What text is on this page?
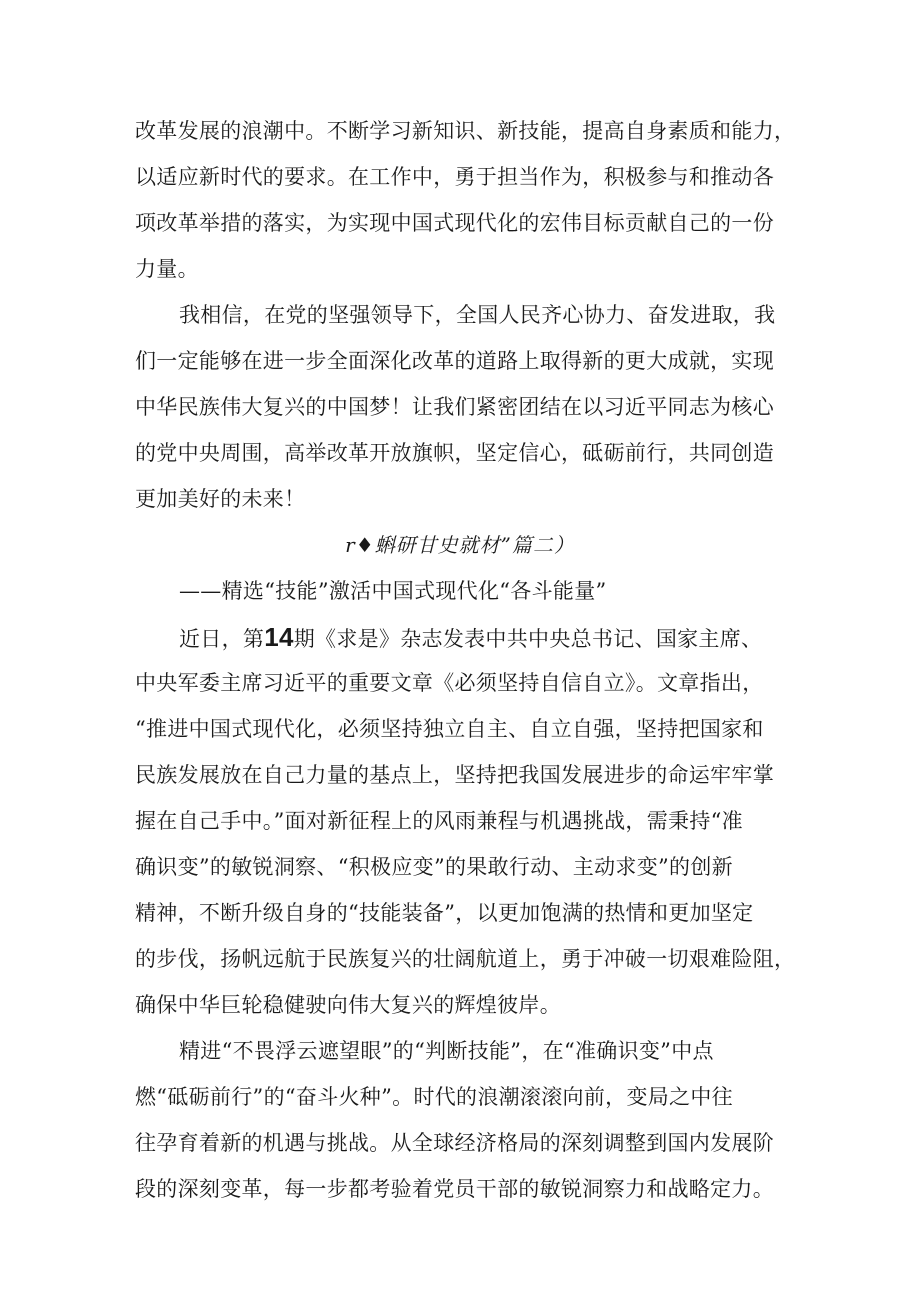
改革发展的浪潮中。不断学习新知识、新技能，提高自身素质和能力，
以适应新时代的要求。在工作中，勇于担当作为，积极参与和推动各
项改革举措的落实，为实现中国式现代化的宏伟目标贡献自己的一份
力量。
我相信，在党的坚强领导下，全国人民齐心协力、奋发进取，我
们一定能够在进一步全面深化改革的道路上取得新的更大成就，实现
中华民族伟大复兴的中国梦！让我们紧密团结在以习近平同志为核心
的党中央周围，高举改革开放旗帜，坚定信心，砥砺前行，共同创造
更加美好的未来！
r♦蝌研甘史就材”篇二）
——精选“技能”激活中国式现代化“各斗能量”
近日，第14期《求是》杂志发表中共中央总书记、国家主席、
中央军委主席习近平的重要文章《必须坚持自信自立》。文章指出，
“推进中国式现代化，必须坚持独立自主、自立自强，坚持把国家和
民族发展放在自己力量的基点上，坚持把我国发展进步的命运牢牢掌
握在自己手中。”面对新征程上的风雨兼程与机遇挑战，需秉持“准
确识变”的敏锐洞察、“积极应变”的果敢行动、主动求变”的创新
精神，不断升级自身的“技能装备”，以更加饱满的热情和更加坚定
的步伐，扬帆远航于民族复兴的壮阔航道上，勇于冲破一切艰难险阻，
确保中华巨轮稳健驶向伟大复兴的辉煌彼岸。
精进“不畏浮云遮望眼”的“判断技能”，在“准确识变”中点
燃“砥砺前行”的“奋斗火种”。时代的浪潮滚滚向前，变局之中往
往孕育着新的机遇与挑战。从全球经济格局的深刻调整到国内发展阶
段的深刻变革，每一步都考验着党员干部的敏锐洞察力和战略定力。
